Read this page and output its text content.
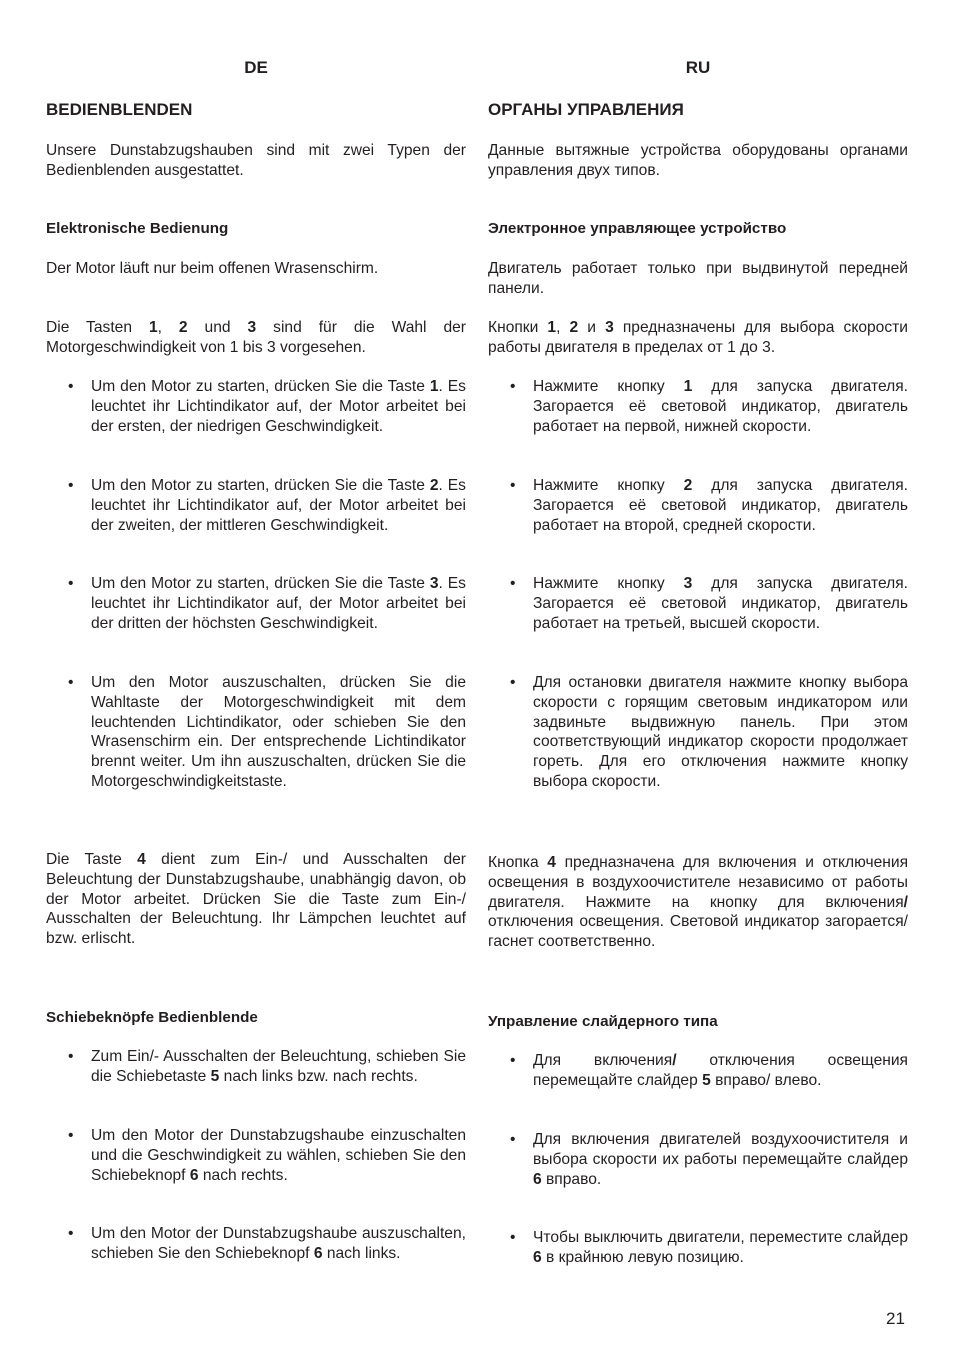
DE
BEDIENBLENDEN

Unsere Dunstabzugshauben sind mit zwei Typen der Bedienblenden ausgestattet.

Elektronische Bedienung

Der Motor läuft nur beim offenen Wrasenschirm.

Die Tasten 1, 2 und 3 sind für die Wahl der Motorgeschwindigkeit von 1 bis 3 vorgesehen.

• Um den Motor zu starten, drücken Sie die Taste 1. Es leuchtet ihr Lichtindikator auf, der Motor arbeitet bei der ersten, der niedrigen Geschwindigkeit.
• Um den Motor zu starten, drücken Sie die Taste 2. Es leuchtet ihr Lichtindikator auf, der Motor arbeitet bei der zweiten, der mittleren Geschwindigkeit.
• Um den Motor zu starten, drücken Sie die Taste 3. Es leuchtet ihr Lichtindikator auf, der Motor arbeitet bei der dritten der höchsten Geschwindigkeit.
• Um den Motor auszuschalten, drücken Sie die Wahltaste der Motorgeschwindigkeit mit dem leuchtenden Lichtindikator, oder schieben Sie den Wrasenschirm ein. Der entsprechende Lichtindikator brennt weiter. Um ihn auszuschalten, drücken Sie die Motorgeschwindigkeitstaste.

Die Taste 4 dient zum Ein-/ und Ausschalten der Beleuchtung der Dunstabzugshaube, unabhängig davon, ob der Motor arbeitet. Drücken Sie die Taste zum Ein-/ Ausschalten der Beleuchtung. Ihr Lämpchen leuchtet auf bzw. erlischt.

Schiebeknöpfe Bedienblende
• Zum Ein/- Ausschalten der Beleuchtung, schieben Sie die Schiebetaste 5 nach links bzw. nach rechts.
• Um den Motor der Dunstabzugshaube einzuschalten und die Geschwindigkeit zu wählen, schieben Sie den Schiebeknopf 6 nach rechts.
• Um den Motor der Dunstabzugshaube auszuschalten, schieben Sie den Schiebeknopf 6 nach links.
RU
ОРГАНЫ УПРАВЛЕНИЯ

Данные вытяжные устройства оборудованы органами управления двух типов.

Электронное управляющее устройство

Двигатель работает только при выдвинутой передней панели.

Кнопки 1, 2 и 3 предназначены для выбора скорости работы двигателя в пределах от 1 до 3.

• Нажмите кнопку 1 для запуска двигателя. Загорается её световой индикатор, двигатель работает на первой, нижней скорости.
• Нажмите кнопку 2 для запуска двигателя. Загорается её световой индикатор, двигатель работает на второй, средней скорости.
• Нажмите кнопку 3 для запуска двигателя. Загорается её световой индикатор, двигатель работает на третьей, высшей скорости.
• Для остановки двигателя нажмите кнопку выбора скорости с горящим световым индикатором или задвиньте выдвижную панель. При этом соответствующий индикатор скорости продолжает гореть. Для его отключения нажмите кнопку выбора скорости.

Кнопка 4 предназначена для включения и отключения освещения в воздухоочистителе независимо от работы двигателя. Нажмите на кнопку для включения/ отключения освещения. Световой индикатор загорается/ гаснет соответственно.

Управление слайдерного типа
• Для включения/ отключения освещения перемещайте слайдер 5 вправо/ влево.
• Для включения двигателей воздухоочистителя и выбора скорости их работы перемещайте слайдер 6 вправо.
• Чтобы выключить двигатели, переместите слайдер 6 в крайнюю левую позицию.
21
